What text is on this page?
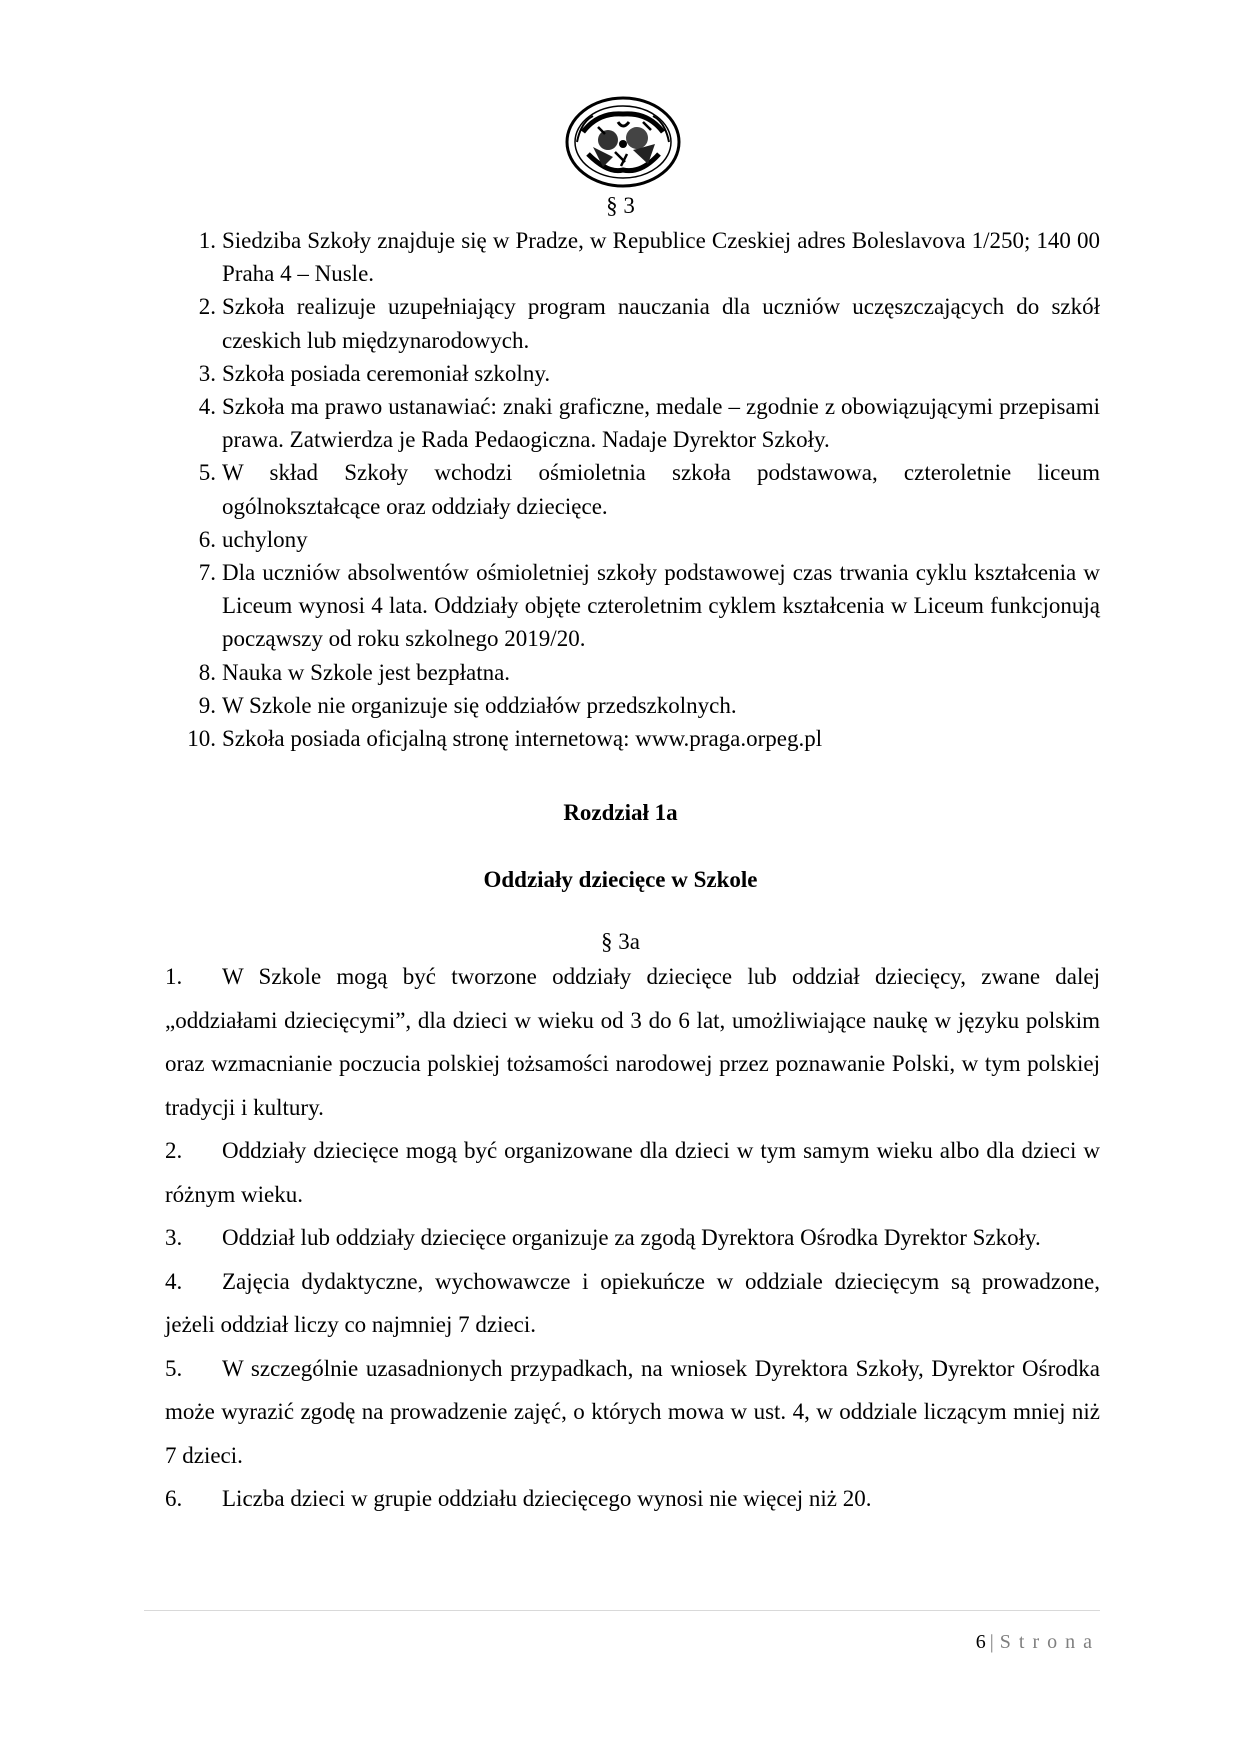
§ 3
1. Siedziba Szkoły znajduje się w Pradze, w Republice Czeskiej adres Boleslavova 1/250; 140 00 Praha 4 – Nusle.
2. Szkoła realizuje uzupełniający program nauczania dla uczniów uczęszczających do szkół czeskich lub międzynarodowych.
3. Szkoła posiada ceremoniał szkolny.
4. Szkoła ma prawo ustanawiać: znaki graficzne, medale – zgodnie z obowiązującymi przepisami prawa. Zatwierdza je Rada Pedaogiczna. Nadaje Dyrektor Szkoły.
5. W skład Szkoły wchodzi ośmioletnia szkoła podstawowa, czteroletnie liceum ogólnokształcące oraz oddziały dziecięce.
6. uchylony
7. Dla uczniów absolwentów ośmioletniej szkoły podstawowej czas trwania cyklu kształcenia w Liceum wynosi 4 lata. Oddziały objęte czteroletnim cyklem kształcenia w Liceum funkcjonują począwszy od roku szkolnego 2019/20.
8. Nauka w Szkole jest bezpłatna.
9. W Szkole nie organizuje się oddziałów przedszkolnych.
10. Szkoła posiada oficjalną stronę internetową: www.praga.orpeg.pl
Rozdział 1a
Oddziały dziecięce w Szkole
§ 3a
1. W Szkole mogą być tworzone oddziały dziecięce lub oddział dziecięcy, zwane dalej „oddziałami dziecięcymi”, dla dzieci w wieku od 3 do 6 lat, umożliwiające naukę w języku polskim oraz wzmacnianie poczucia polskiej tożsamości narodowej przez poznawanie Polski, w tym polskiej tradycji i kultury.
2. Oddziały dziecięce mogą być organizowane dla dzieci w tym samym wieku albo dla dzieci w różnym wieku.
3. Oddział lub oddziały dziecięce organizuje za zgodą Dyrektora Ośrodka Dyrektor Szkoły.
4. Zajęcia dydaktyczne, wychowawcze i opiekuńcze w oddziale dziecięcym są prowadzone, jeżeli oddział liczy co najmniej 7 dzieci.
5. W szczególnie uzasadnionych przypadkach, na wniosek Dyrektora Szkoły, Dyrektor Ośrodka może wyrazić zgodę na prowadzenie zajęć, o których mowa w ust. 4, w oddziale liczącym mniej niż 7 dzieci.
6. Liczba dzieci w grupie oddziału dziecięcego wynosi nie więcej niż 20.
6 | Strona
